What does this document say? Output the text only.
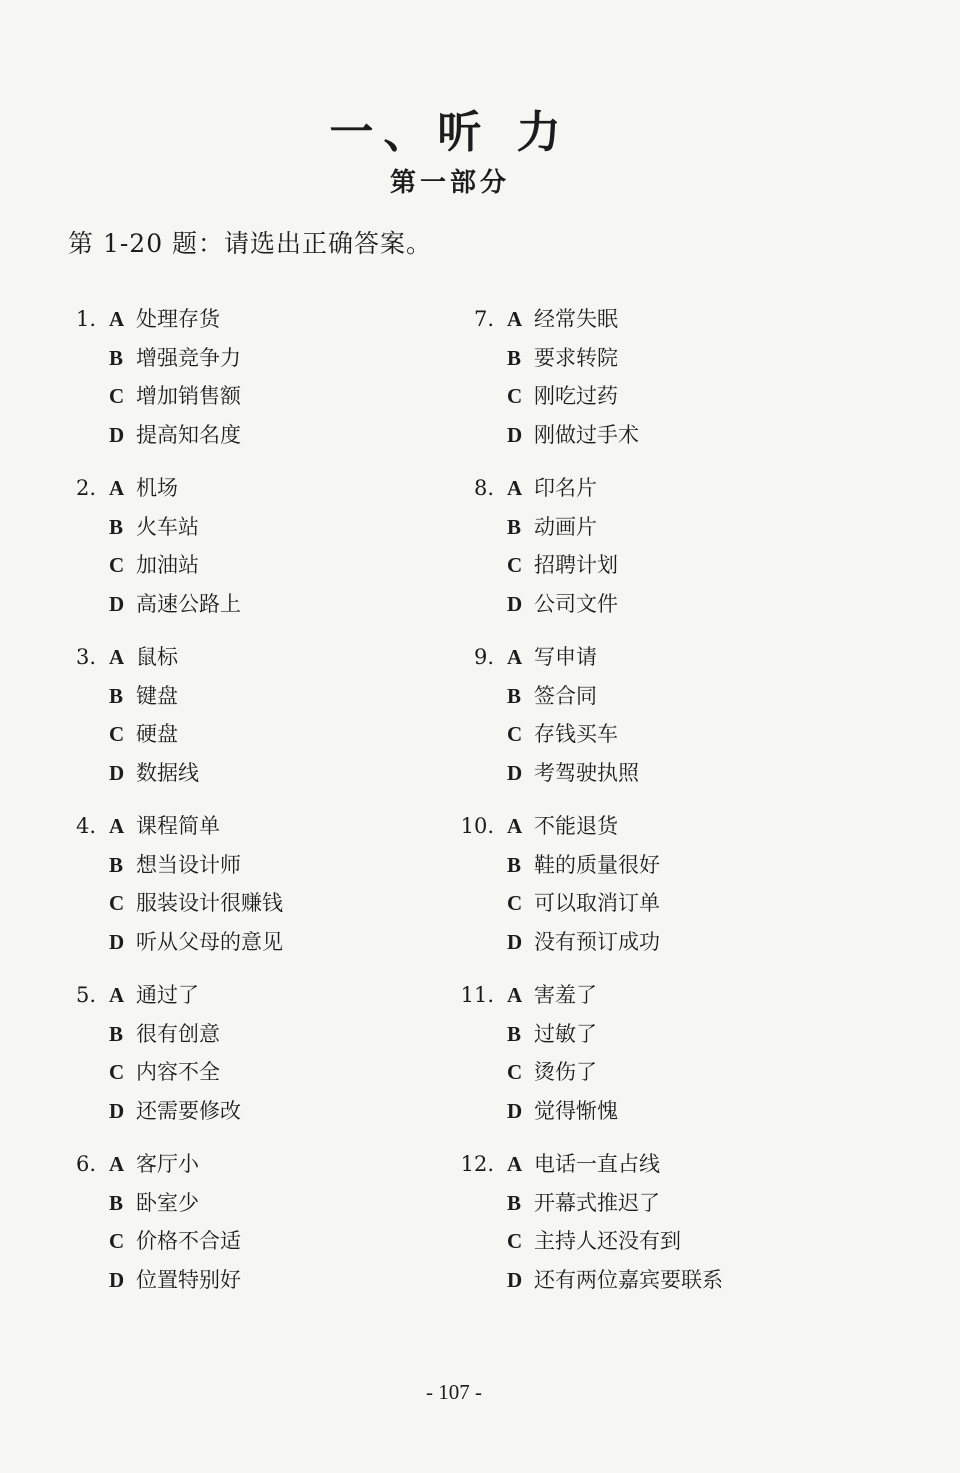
一、听 力
第一部分
第 1-20 题：请选出正确答案。
1. A 处理存货
B 增强竞争力
C 增加销售额
D 提高知名度
2. A 机场
B 火车站
C 加油站
D 高速公路上
3. A 鼠标
B 键盘
C 硬盘
D 数据线
4. A 课程简单
B 想当设计师
C 服装设计很赚钱
D 听从父母的意见
5. A 通过了
B 很有创意
C 内容不全
D 还需要修改
6. A 客厅小
B 卧室少
C 价格不合适
D 位置特别好
7. A 经常失眠
B 要求转院
C 刚吃过药
D 刚做过手术
8. A 印名片
B 动画片
C 招聘计划
D 公司文件
9. A 写申请
B 签合同
C 存钱买车
D 考驾驶执照
10. A 不能退货
B 鞋的质量很好
C 可以取消订单
D 没有预订成功
11. A 害羞了
B 过敏了
C 烫伤了
D 觉得惭愧
12. A 电话一直占线
B 开幕式推迟了
C 主持人还没有到
D 还有两位嘉宾要联系
- 107 -
